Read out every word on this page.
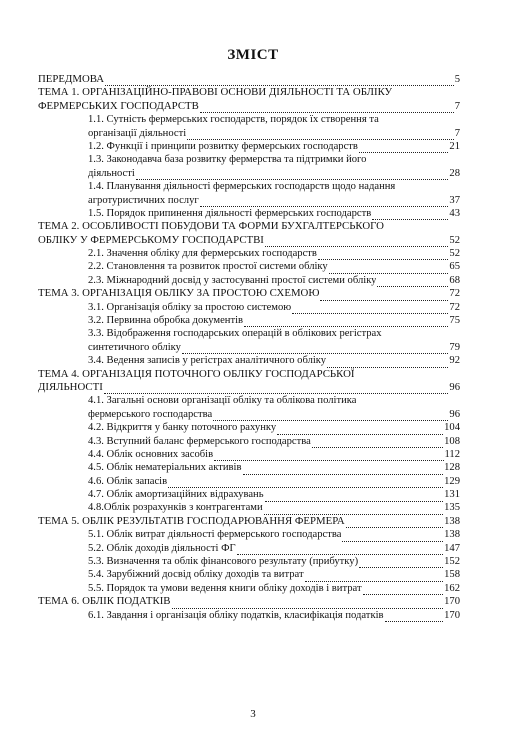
ЗМІСТ
ПЕРЕДМОВА	5
ТЕМА 1. ОРГАНІЗАЦІЙНО-ПРАВОВІ ОСНОВИ ДІЯЛЬНОСТІ ТА ОБЛІКУ
ФЕРМЕРСЬКИХ ГОСПОДАРСТВ	7
1.1. Сутність фермерських господарств, порядок їх створення та
організації діяльності	7
1.2. Функції і принципи розвитку фермерських господарств	21
1.3. Законодавча база розвитку фермерства та підтримки його
діяльності	28
1.4. Планування діяльності фермерських господарств щодо надання
агротуристичних послуг	37
1.5. Порядок припинення діяльності фермерських господарств	43
ТЕМА 2. ОСОБЛИВОСТІ ПОБУДОВИ ТА ФОРМИ БУХГАЛТЕРСЬКОГО
ОБЛІКУ У ФЕРМЕРСЬКОМУ ГОСПОДАРСТВІ	52
2.1. Значення обліку для фермерських господарств	52
2.2. Становлення та розвиток простої системи обліку	65
2.3. Міжнародний досвід у застосуванні простої системи обліку	68
ТЕМА 3. ОРГАНІЗАЦІЯ ОБЛІКУ ЗА ПРОСТОЮ СХЕМОЮ	72
3.1. Організація обліку за простою системою	72
3.2. Первинна обробка документів	75
3.3. Відображення господарських операцій в облікових регістрах
синтетичного обліку	79
3.4. Ведення записів у регістрах аналітичного обліку	92
ТЕМА 4. ОРГАНІЗАЦІЯ ПОТОЧНОГО ОБЛІКУ ГОСПОДАРСЬКОЇ
ДІЯЛЬНОСТІ	96
4.1. Загальні основи організації обліку та облікова політика
фермерського господарства	96
4.2. Відкриття у банку поточного рахунку	104
4.3. Вступний баланс фермерського господарства	108
4.4. Облік основних засобів	112
4.5. Облік нематеріальних активів	128
4.6. Облік запасів	129
4.7. Облік амортизаційних відрахувань	131
4.8.Облік розрахунків з контрагентами	135
ТЕМА 5. ОБЛІК РЕЗУЛЬТАТІВ ГОСПОДАРЮВАННЯ ФЕРМЕРА	138
5.1. Облік витрат діяльності фермерського господарства	138
5.2. Облік доходів діяльності ФГ	147
5.3. Визначення та облік фінансового результату (прибутку)	152
5.4. Зарубіжний досвід обліку доходів та витрат	158
5.5. Порядок та умови ведення книги обліку доходів і витрат	162
ТЕМА 6. ОБЛІК ПОДАТКІВ	170
6.1. Завдання і організація обліку податків, класифікація податків	170
3
